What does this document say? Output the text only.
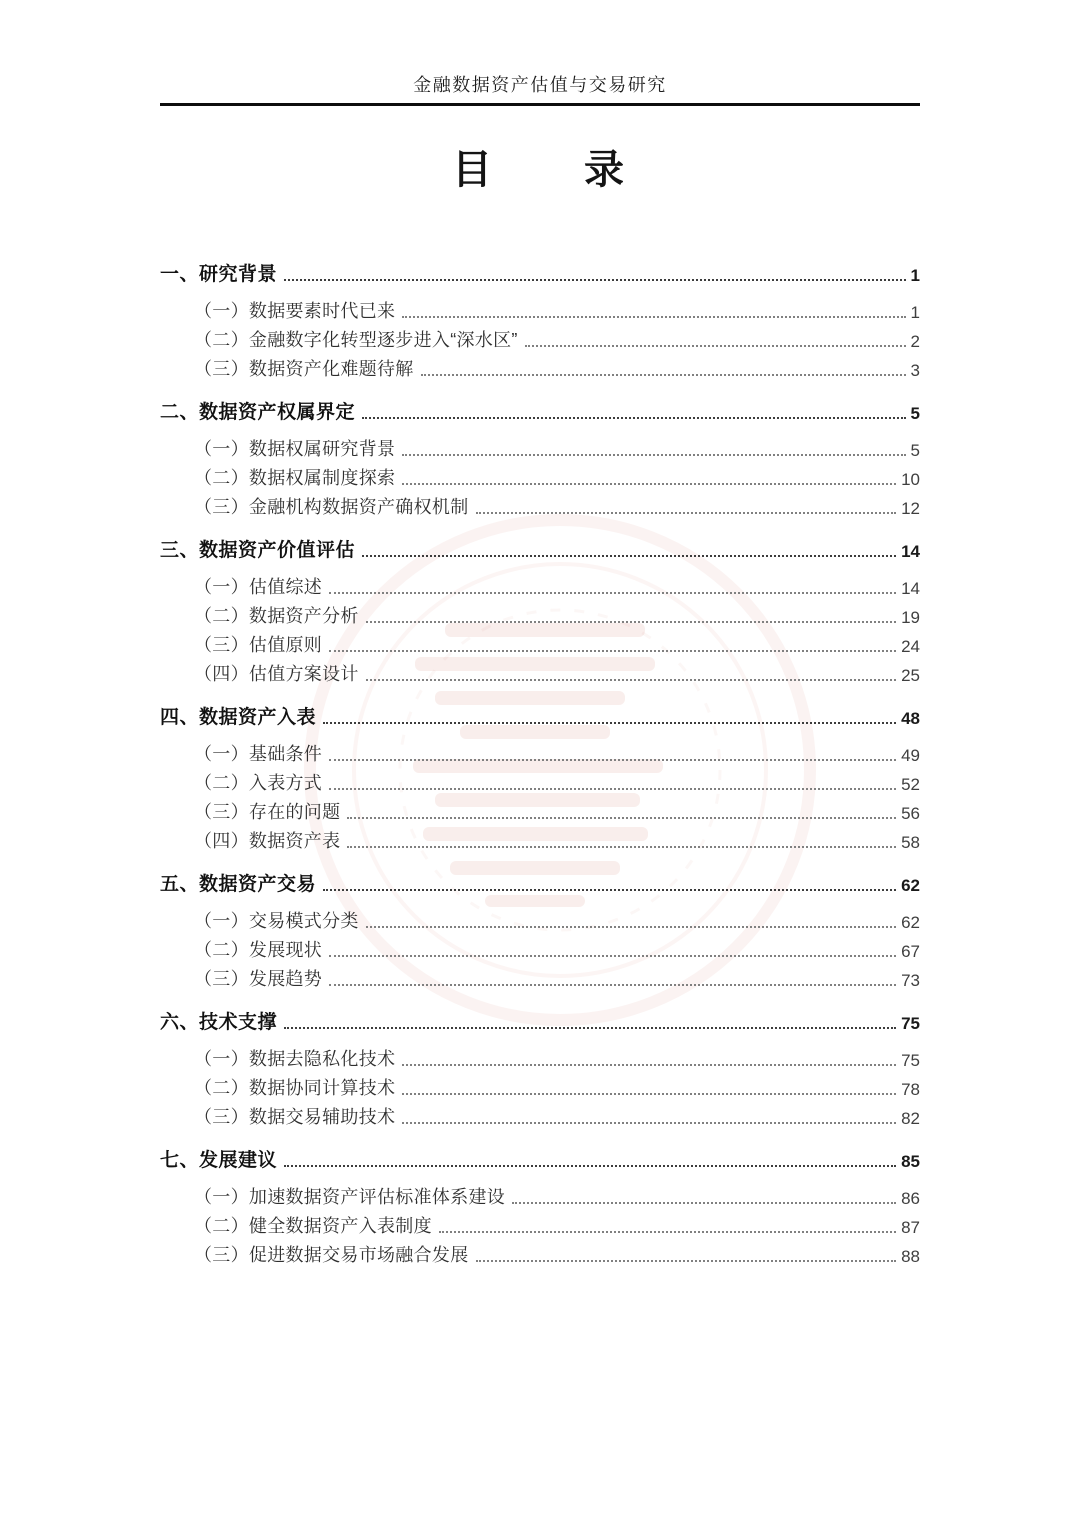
金融数据资产估值与交易研究
目　　录
一、研究背景	1
（一）数据要素时代已来	1
（二）金融数字化转型逐步进入“深水区”	2
（三）数据资产化难题待解	3
二、数据资产权属界定	5
（一）数据权属研究背景	5
（二）数据权属制度探索	10
（三）金融机构数据资产确权机制	12
三、数据资产价值评估	14
（一）估值综述	14
（二）数据资产分析	19
（三）估值原则	24
（四）估值方案设计	25
四、数据资产入表	48
（一）基础条件	49
（二）入表方式	52
（三）存在的问题	56
（四）数据资产表	58
五、数据资产交易	62
（一）交易模式分类	62
（二）发展现状	67
（三）发展趋势	73
六、技术支撑	75
（一）数据去隐私化技术	75
（二）数据协同计算技术	78
（三）数据交易辅助技术	82
七、发展建议	85
（一）加速数据资产评估标准体系建设	86
（二）健全数据资产入表制度	87
（三）促进数据交易市场融合发展	88
